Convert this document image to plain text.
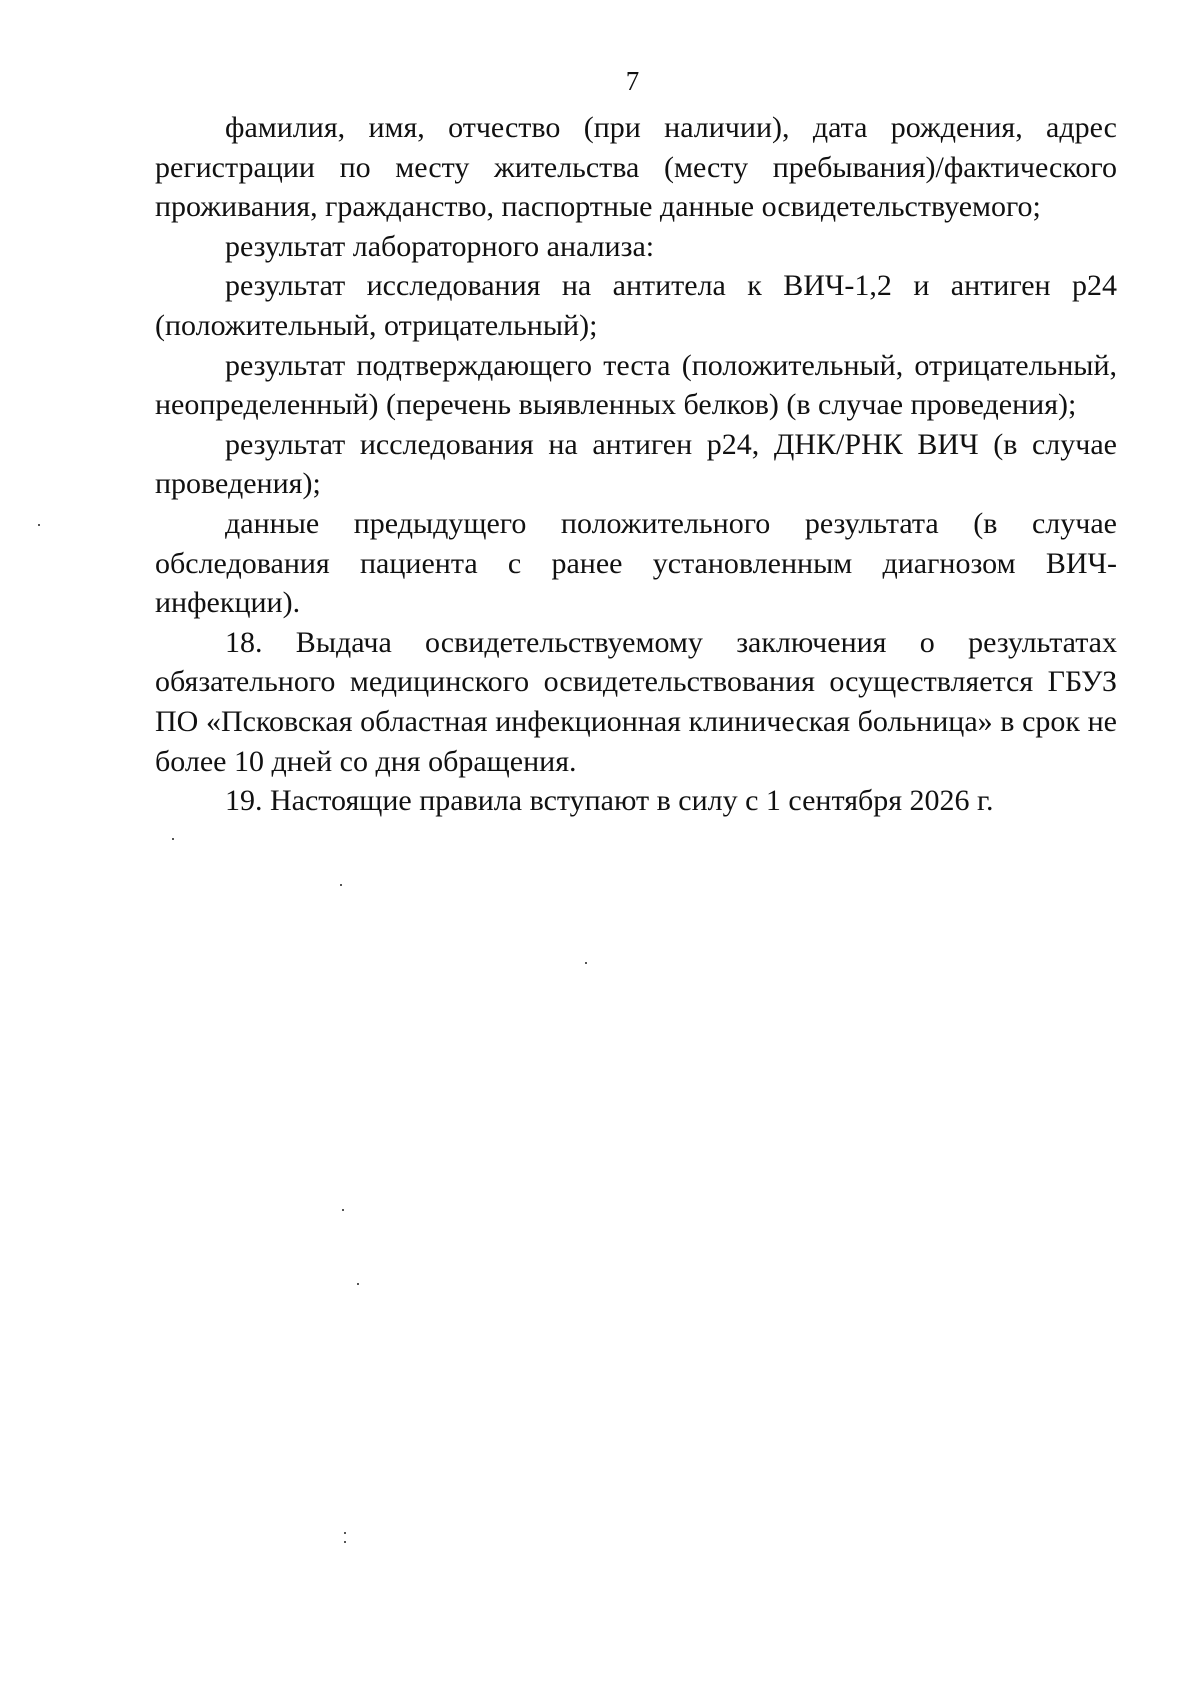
7

фамилия, имя, отчество (при наличии), дата рождения, адрес регистрации по месту жительства (месту пребывания)/фактического проживания, гражданство, паспортные данные освидетельствуемого;

результат лабораторного анализа:

результат исследования на антитела к ВИЧ-1,2 и антиген р24 (положительный, отрицательный);

результат подтверждающего теста (положительный, отрицательный, неопределенный) (перечень выявленных белков) (в случае проведения);

результат исследования на антиген р24, ДНК/РНК ВИЧ (в случае проведения);

данные предыдущего положительного результата (в случае обследования пациента с ранее установленным диагнозом ВИЧ-инфекции).

18. Выдача освидетельствуемому заключения о результатах обязательного медицинского освидетельствования осуществляется ГБУЗ ПО «Псковская областная инфекционная клиническая больница» в срок не более 10 дней со дня обращения.

19. Настоящие правила вступают в силу с 1 сентября 2026 г.
